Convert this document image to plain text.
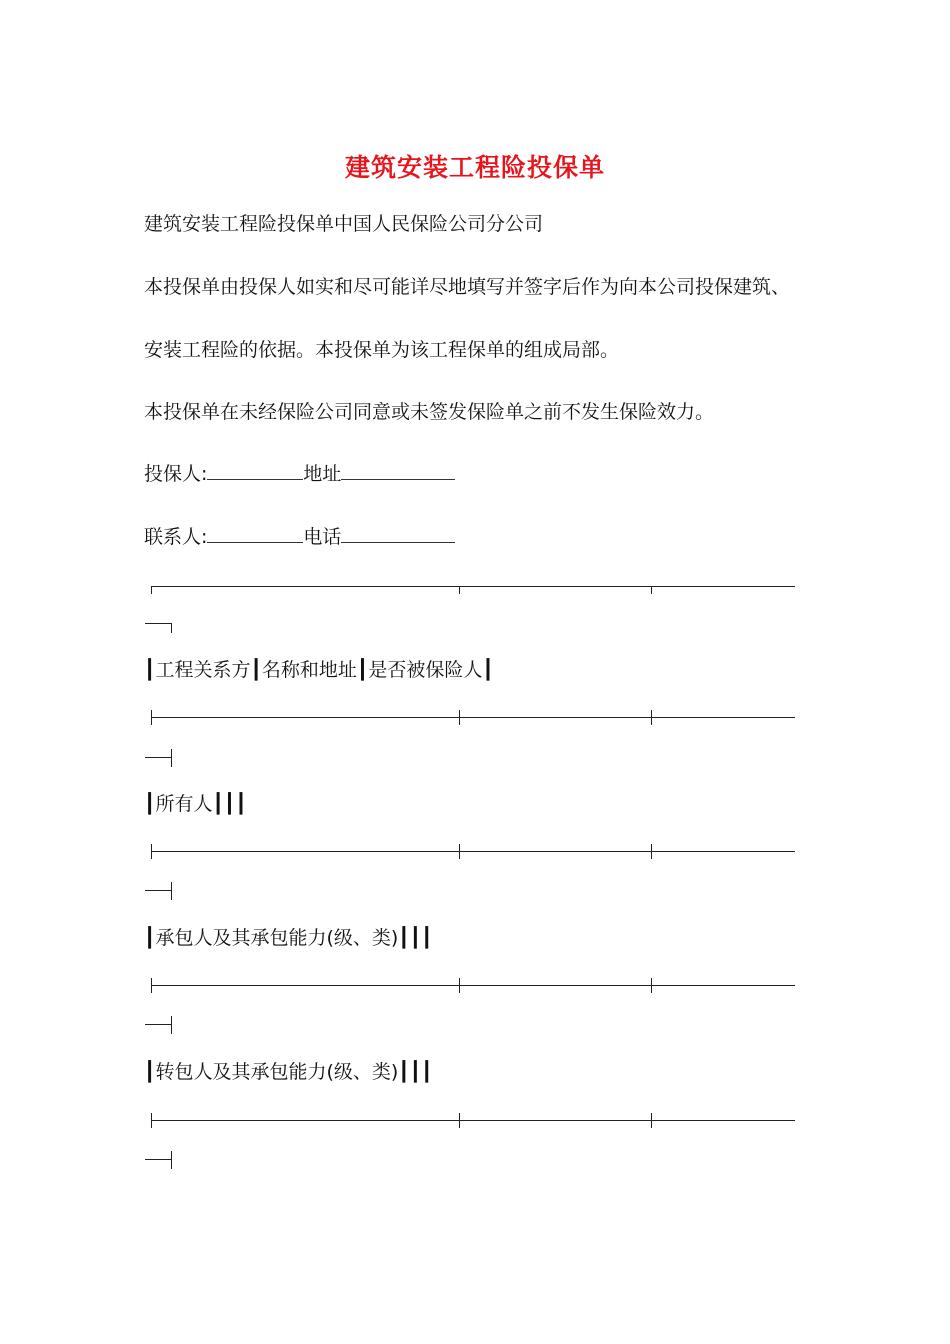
建筑安装工程险投保单
建筑安装工程险投保单中国人民保险公司分公司
本投保单由投保人如实和尽可能详尽地填写并签字后作为向本公司投保建筑、
安装工程险的依据。本投保单为该工程保单的组成局部。
本投保单在未经保险公司同意或未签发保险单之前不发生保险效力。
投保人:	地址
联系人:	电话
┃工程关系方┃名称和地址┃是否被保险人┃
┃所有人┃┃┃
┃承包人及其承包能力(级、类)┃┃┃
┃转包人及其承包能力(级、类)┃┃┃
